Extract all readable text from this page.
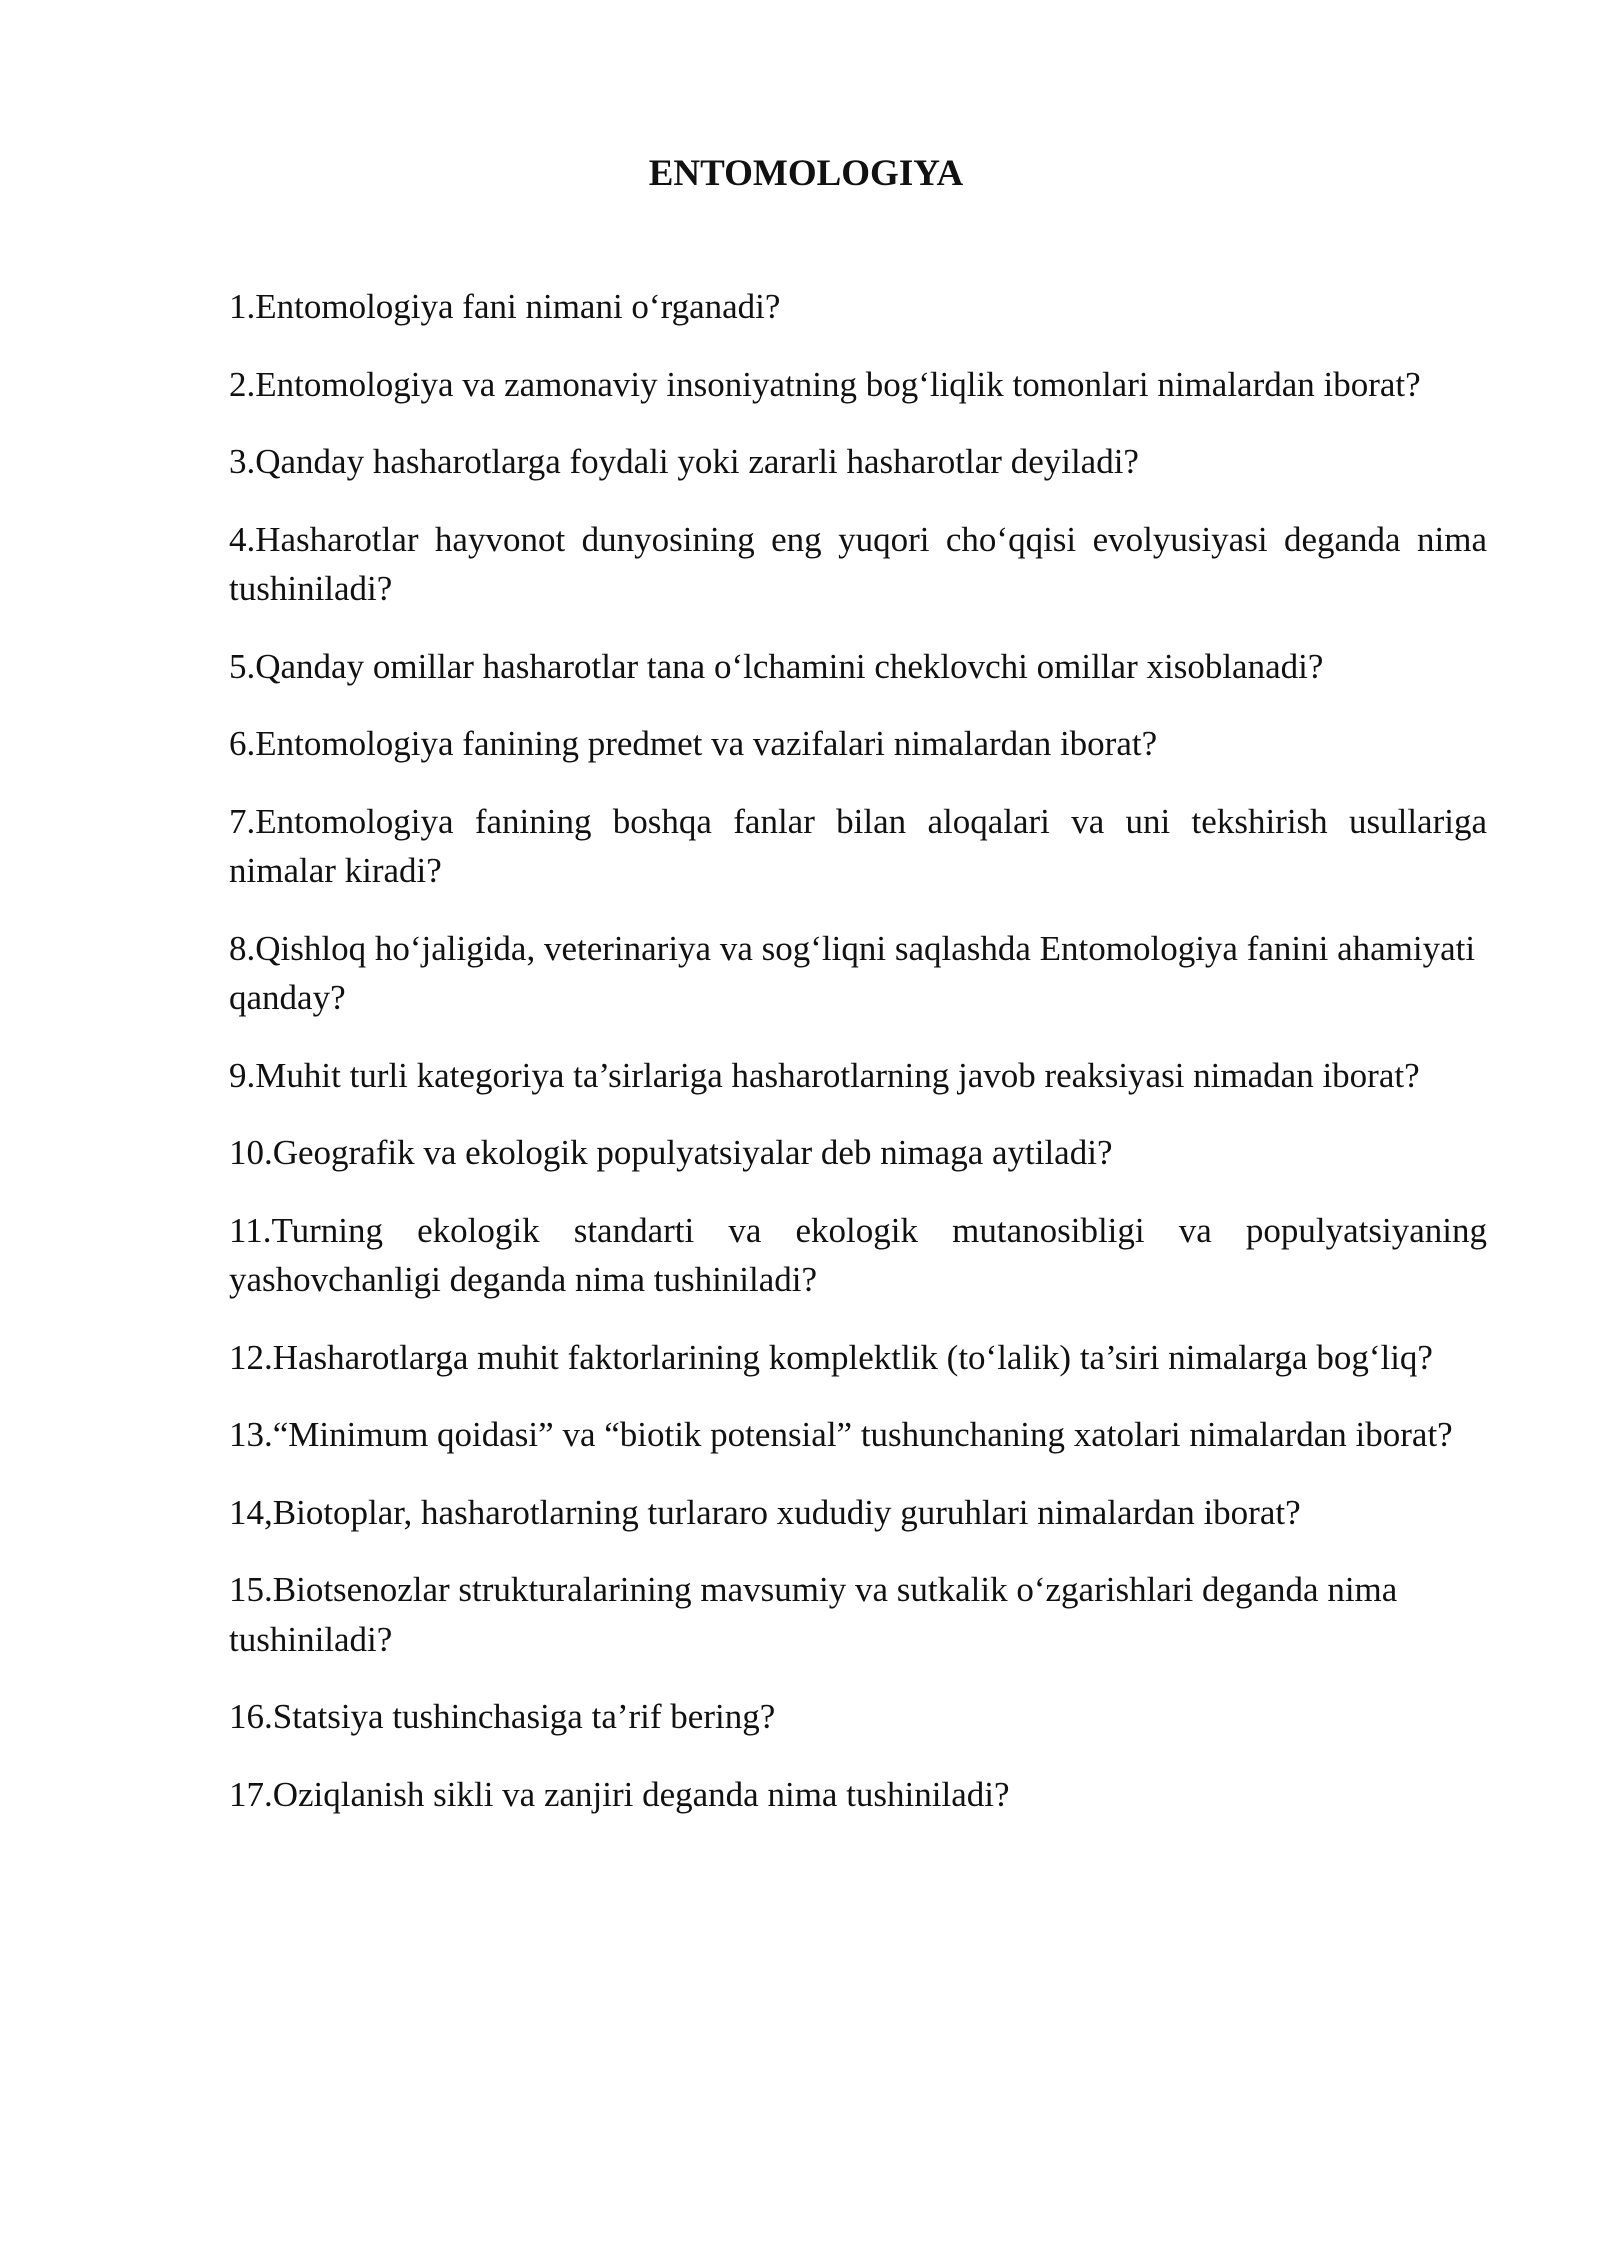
ENTOMOLOGIYA
1.Entomologiya fani nimani o‘rganadi?
2.Entomologiya va zamonaviy insoniyatning bog‘liqlik tomonlari nimalardan iborat?
3.Qanday hasharotlarga foydali yoki zararli hasharotlar deyiladi?
4.Hasharotlar hayvonot dunyosining eng yuqori cho‘qqisi evolyusiyasi deganda nima tushiniladi?
5.Qanday omillar hasharotlar tana o‘lchamini cheklovchi omillar xisoblanadi?
6.Entomologiya fanining predmet va vazifalari nimalardan iborat?
7.Entomologiya fanining boshqa fanlar bilan aloqalari va uni tekshirish usullariga nimalar kiradi?
8.Qishloq ho‘jaligida, veterinariya va sog‘liqni saqlashda Entomologiya fanini ahamiyati qanday?
9.Muhit turli kategoriya ta’sirlariga hasharotlarning javob reaksiyasi nimadan iborat?
10.Geografik va ekologik populyatsiyalar deb nimaga aytiladi?
11.Turning ekologik standarti va ekologik mutanosibligi va populyatsiyaning yashovchanligi deganda nima tushiniladi?
12.Hasharotlarga muhit faktorlarining komplektlik (to‘lalik) ta’siri nimalarga bog‘liq?
13.“Minimum qoidasi” va “biotik potensial” tushunchaning xatolari nimalardan iborat?
14,Biotoplar, hasharotlarning turlararo xududiy guruhlari nimalardan iborat?
15.Biotsenozlar strukturalarining mavsumiy va sutkalik o‘zgarishlari deganda nima tushiniladi?
16.Statsiya tushinchasiga ta’rif bering?
17.Oziqlanish sikli va zanjiri deganda nima tushiniladi?
